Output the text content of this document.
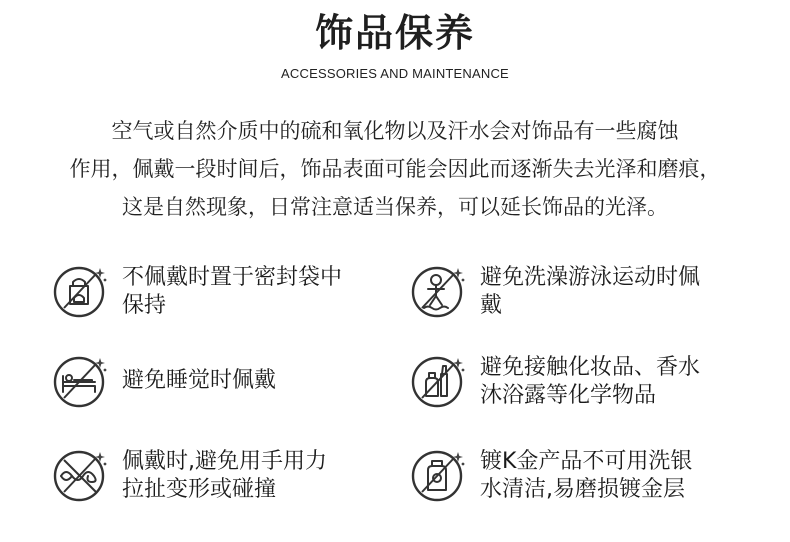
饰品保养
ACCESSORIES AND MAINTENANCE
空气或自然介质中的硫和氧化物以及汗水会对饰品有一些腐蚀
作用，佩戴一段时间后，饰品表面可能会因此而逐渐失去光泽和磨痕，
这是自然现象，日常注意适当保养，可以延长饰品的光泽。
不佩戴时置于密封袋中
保持
避免洗澡游泳运动时佩
戴
避免睡觉时佩戴
避免接触化妆品、香水
沐浴露等化学物品
佩戴时,避免用手用力
拉扯变形或碰撞
镀K金产品不可用洗银
水清洁,易磨损镀金层
